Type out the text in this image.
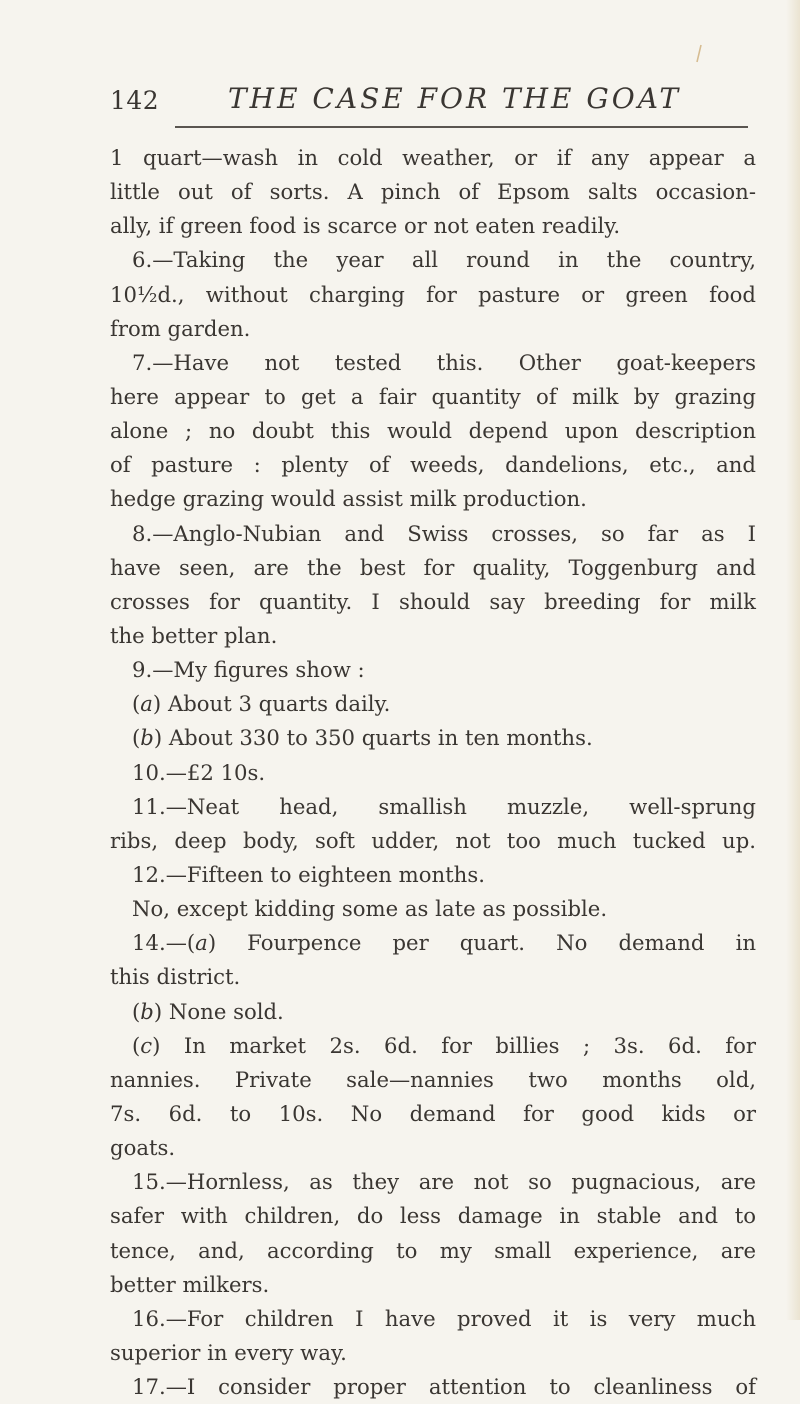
142 THE CASE FOR THE GOAT
1 quart—wash in cold weather, or if any appear a
little out of sorts. A pinch of Epsom salts occasion-
ally, if green food is scarce or not eaten readily.
6.—Taking the year all round in the country,
10½d., without charging for pasture or green food
from garden.
7.—Have not tested this. Other goat-keepers
here appear to get a fair quantity of milk by grazing
alone ; no doubt this would depend upon description
of pasture : plenty of weeds, dandelions, etc., and
hedge grazing would assist milk production.
8.—Anglo-Nubian and Swiss crosses, so far as I
have seen, are the best for quality, Toggenburg and
crosses for quantity. I should say breeding for milk
the better plan.
9.—My figures show :
(a) About 3 quarts daily.
(b) About 330 to 350 quarts in ten months.
10.—£2 10s.
11.—Neat head, smallish muzzle, well-sprung
ribs, deep body, soft udder, not too much tucked up.
12.—Fifteen to eighteen months.
No, except kidding some as late as possible.
14.—(a) Fourpence per quart. No demand in
this district.
(b) None sold.
(c) In market 2s. 6d. for billies ; 3s. 6d. for
nannies. Private sale—nannies two months old,
7s. 6d. to 10s. No demand for good kids or
goats.
15.—Hornless, as they are not so pugnacious, are
safer with children, do less damage in stable and to
tence, and, according to my small experience, are
better milkers.
16.—For children I have proved it is very much
superior in every way.
17.—I consider proper attention to cleanliness of
